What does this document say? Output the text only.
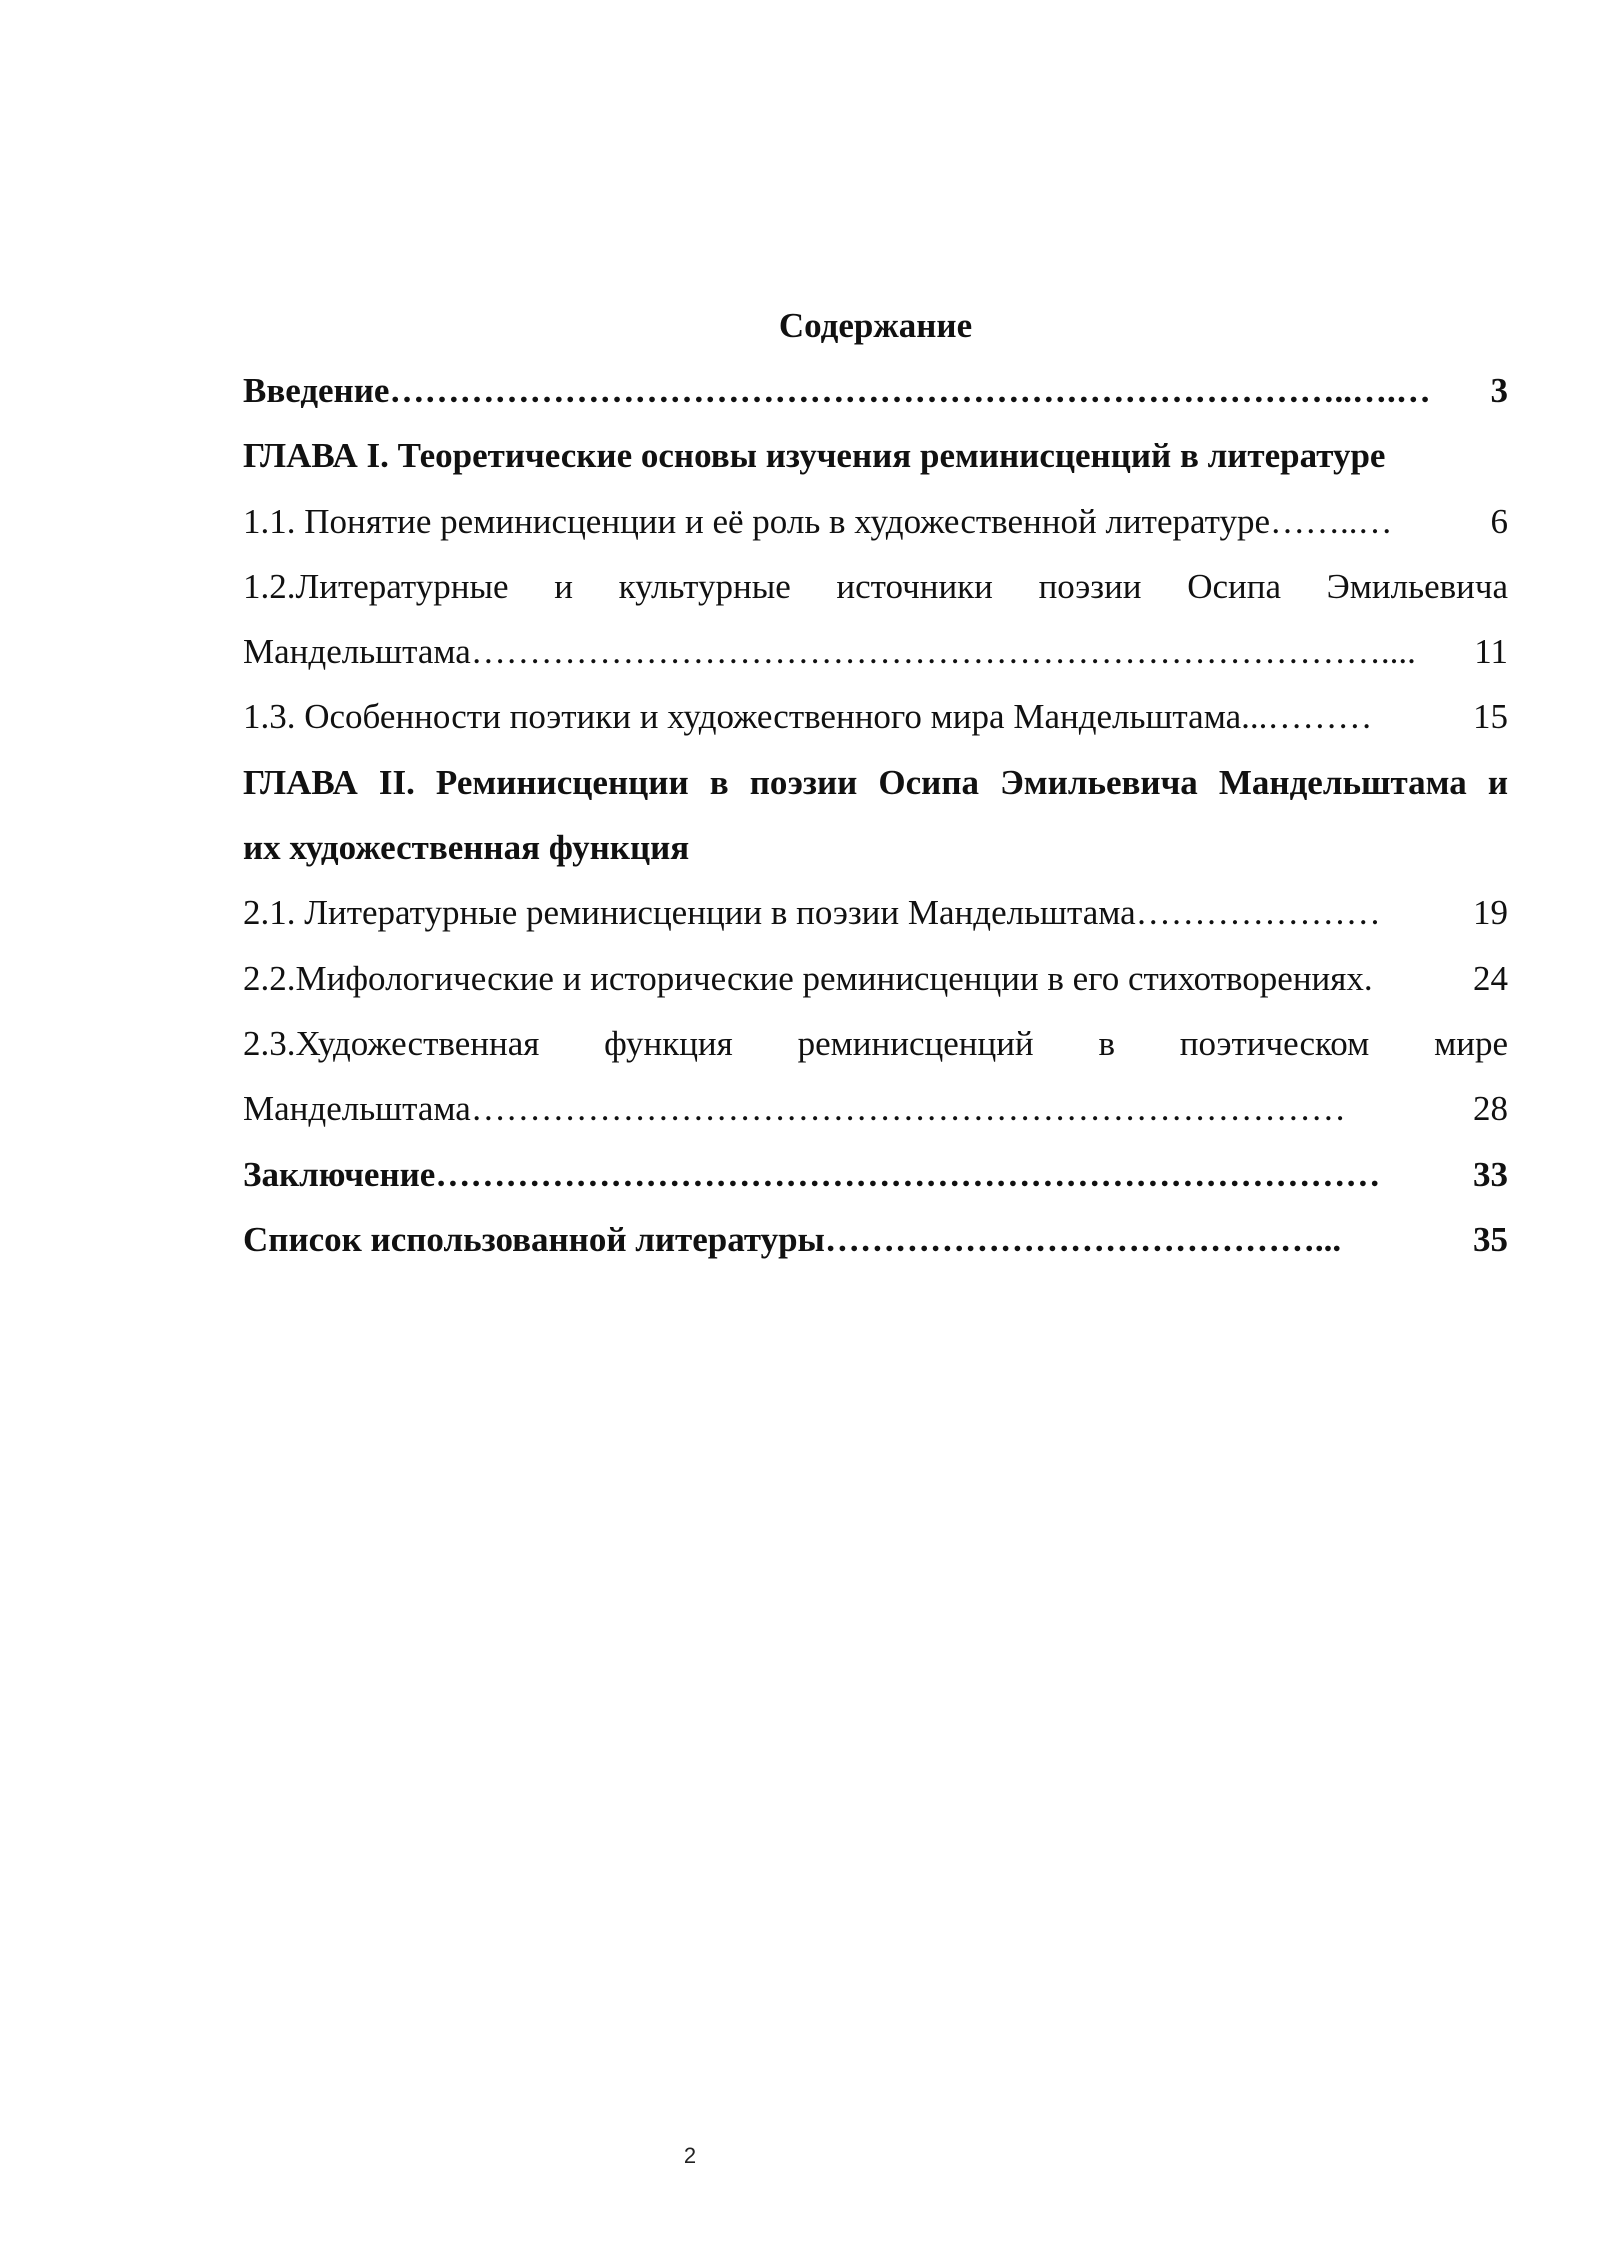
Содержание
Введение ………………………………………………………………………..….…	3
ГЛАВА I. Теоретические основы изучения реминисценций в литературе
1.1. Понятие реминисценции и её роль в художественной литературе ……..…	6
1.2.Литературные и культурные источники поэзии Осипа Эмильевича
Мандельштама ……………………………………………………………………....	11
1.3. Особенности поэтики и художественного мира Мандельштама ...………	15
ГЛАВА II. Реминисценции в поэзии Осипа Эмильевича Мандельштама и
их художественная функция
2.1. Литературные реминисценции в поэзии Мандельштама …………………	19
2.2.Мифологические и исторические реминисценции в его стихотворениях.	24
2.3.Художественная функция реминисценций в поэтическом мире
Мандельштама …………………………………………………………………	28
Заключение ………………………………………………………………………	33
Список использованной литературы ……………………………………...	35
2
